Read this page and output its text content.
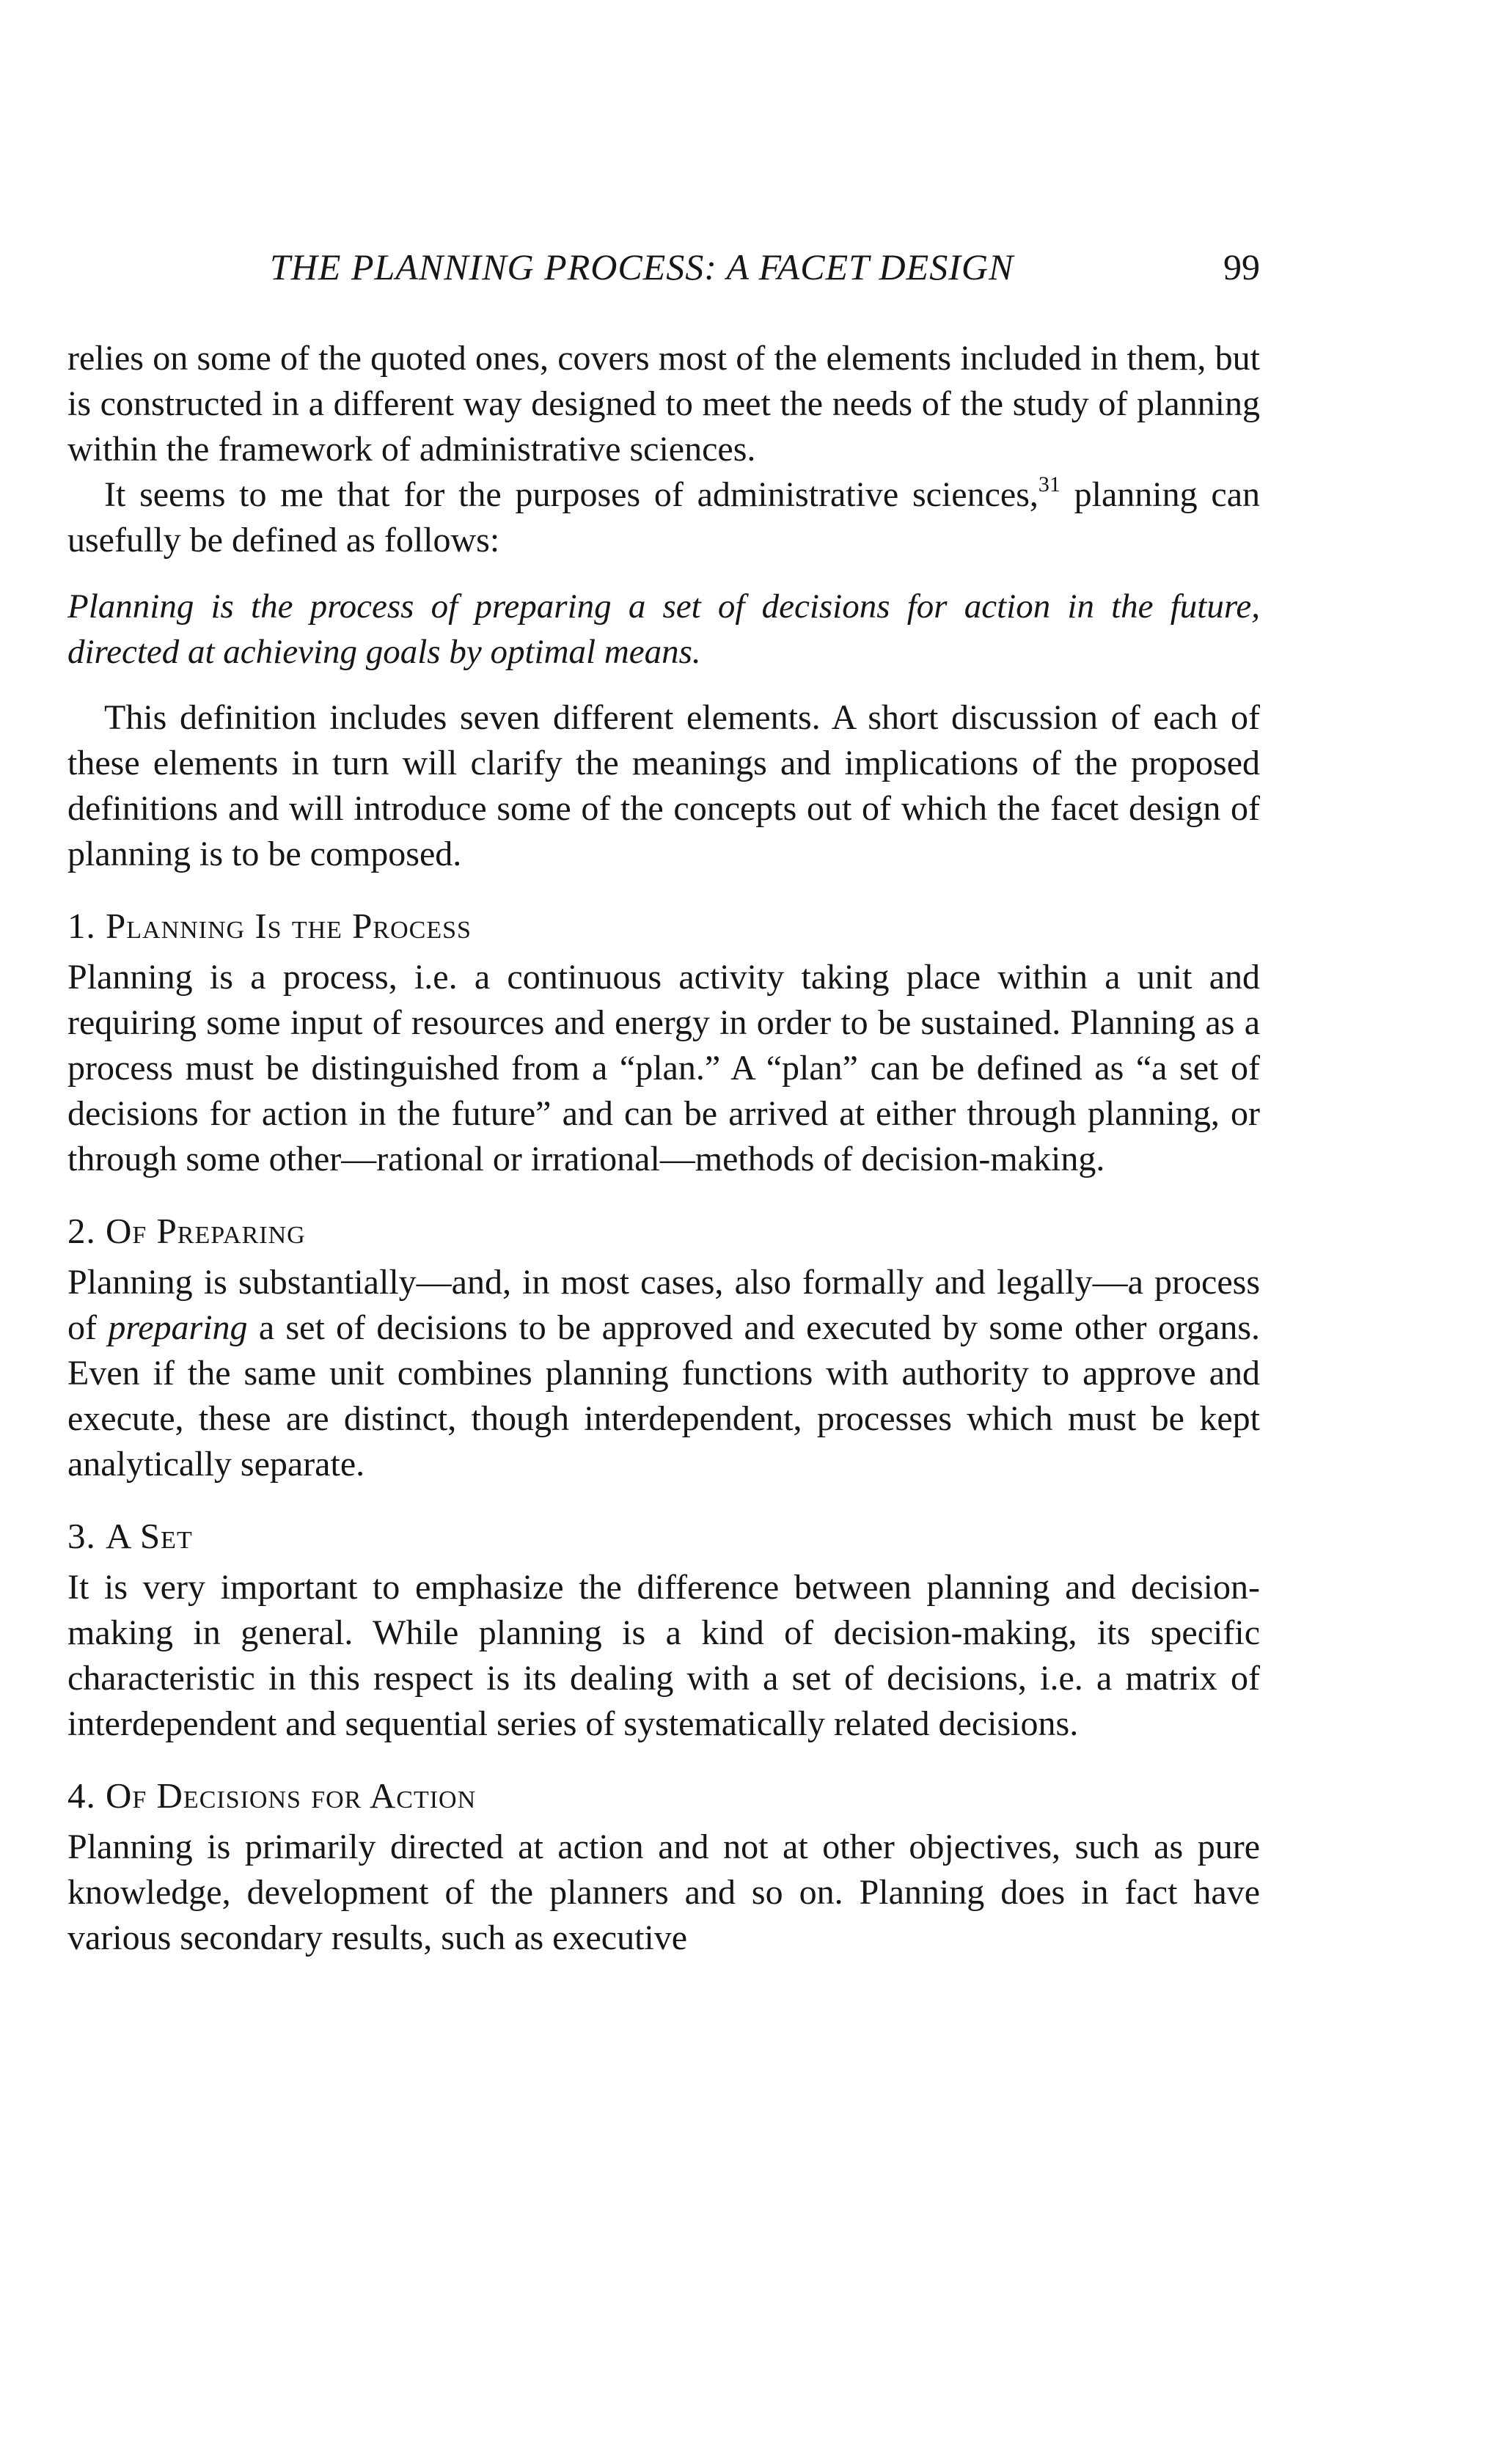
THE PLANNING PROCESS: A FACET DESIGN	99

relies on some of the quoted ones, covers most of the elements included in them, but is constructed in a different way designed to meet the needs of the study of planning within the framework of administrative sciences.

It seems to me that for the purposes of administrative sciences,$^{31}$ planning can usefully be defined as follows:

Planning is the process of preparing a set of decisions for action in the future, directed at achieving goals by optimal means.

This definition includes seven different elements. A short discussion of each of these elements in turn will clarify the meanings and implications of the proposed definitions and will introduce some of the concepts out of which the facet design of planning is to be composed.

1. Planning Is the Process

Planning is a process, i.e. a continuous activity taking place within a unit and requiring some input of resources and energy in order to be sustained. Planning as a process must be distinguished from a “plan.” A “plan” can be defined as “a set of decisions for action in the future” and can be arrived at either through planning, or through some other—rational or irrational—methods of decision-making.

2. Of Preparing

Planning is substantially—and, in most cases, also formally and legally—a process of preparing a set of decisions to be approved and executed by some other organs. Even if the same unit combines planning functions with authority to approve and execute, these are distinct, though interdependent, processes which must be kept analytically separate.

3. A Set

It is very important to emphasize the difference between planning and decision-making in general. While planning is a kind of decision-making, its specific characteristic in this respect is its dealing with a set of decisions, i.e. a matrix of interdependent and sequential series of systematically related decisions.

4. Of Decisions for Action

Planning is primarily directed at action and not at other objectives, such as pure knowledge, development of the planners and so on. Planning does in fact have various secondary results, such as executive
